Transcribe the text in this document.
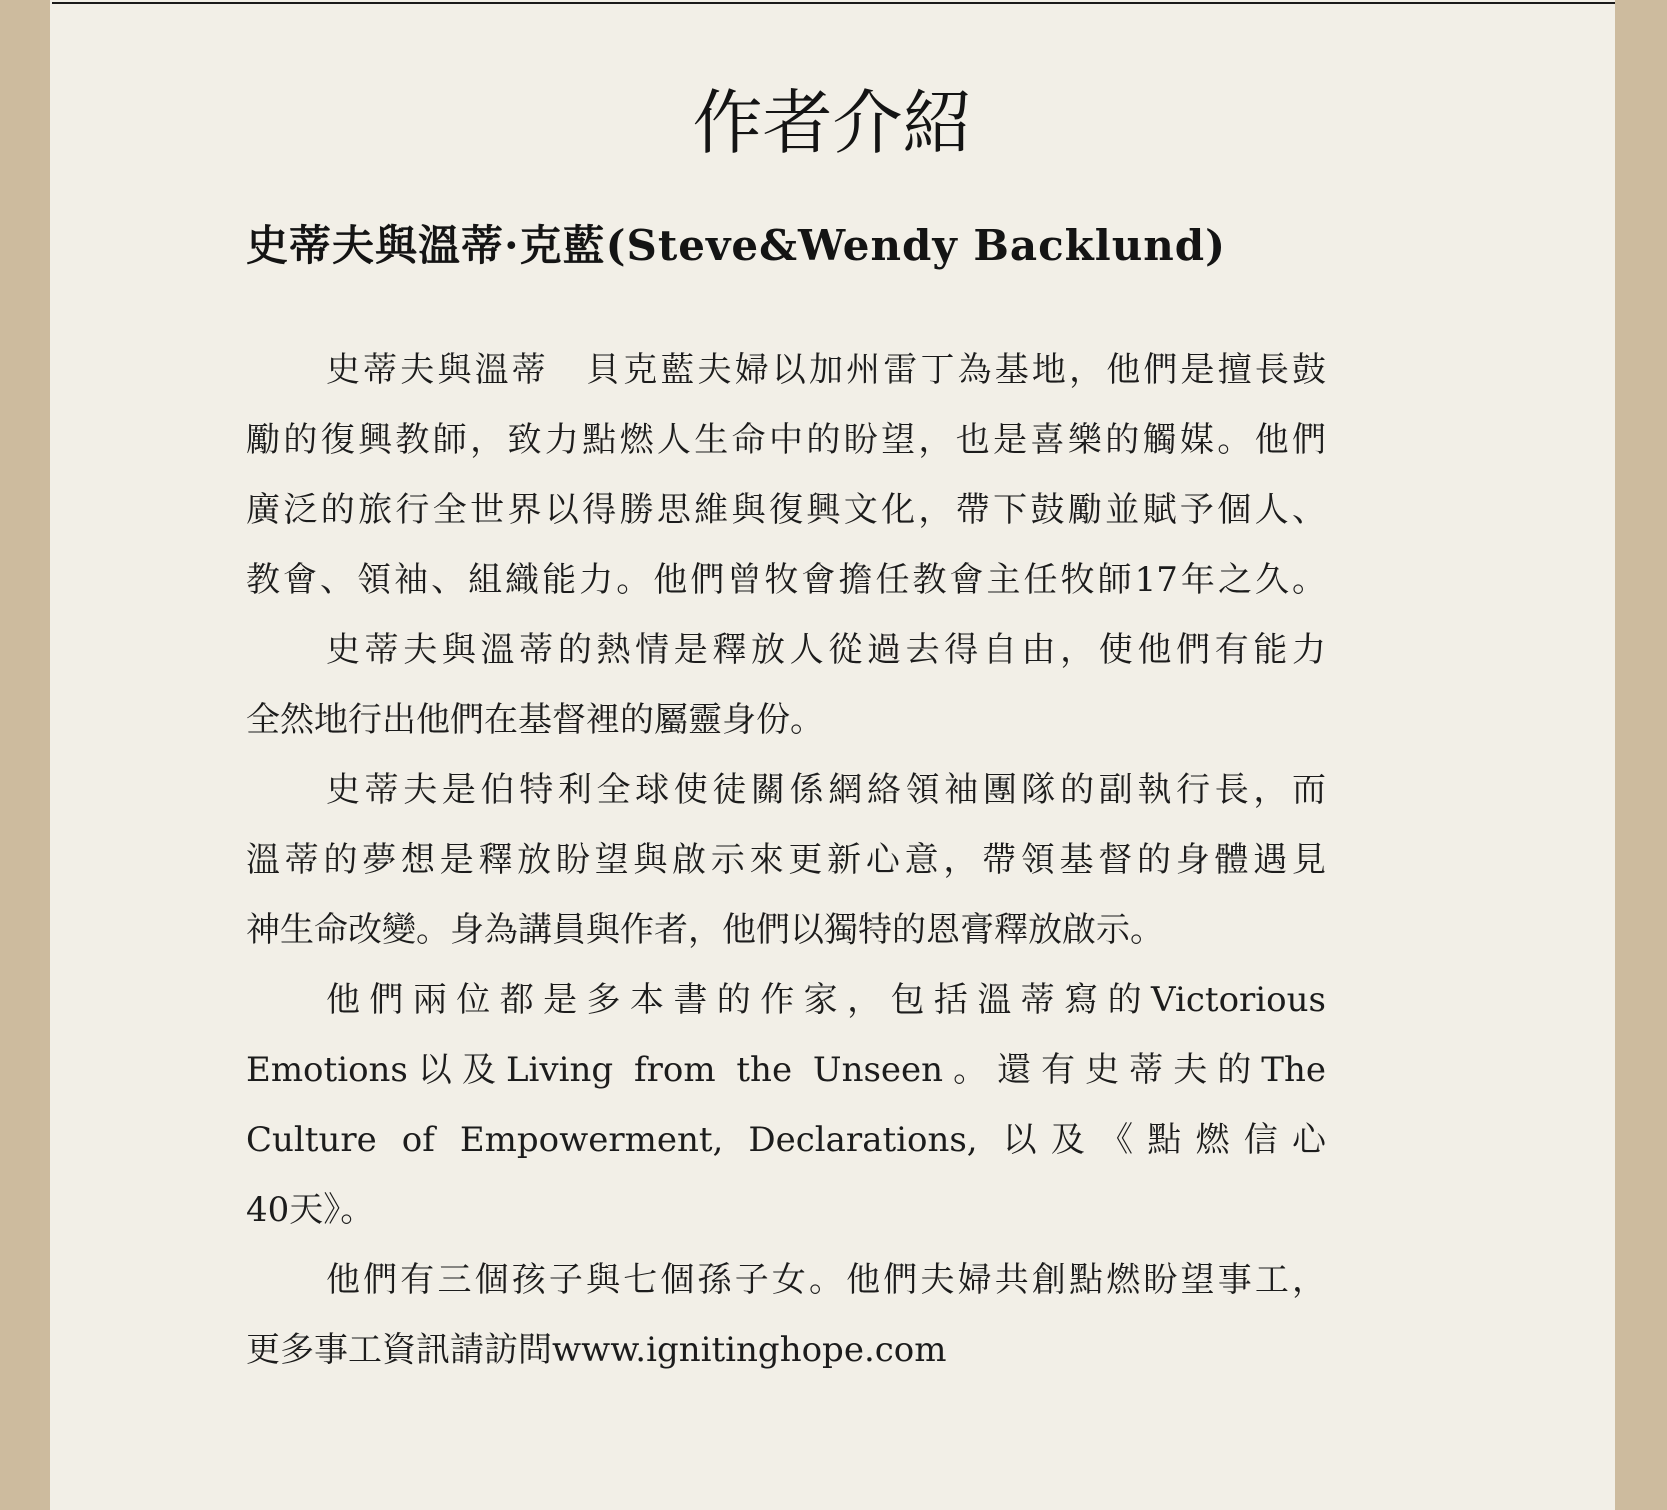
作者介紹
史蒂夫與溫蒂·克藍(Steve&Wendy Backlund)
史蒂夫與溫蒂　貝克藍夫婦以加州雷丁為基地，他們是擅長鼓
勵的復興教師，致力點燃人生命中的盼望，也是喜樂的觸媒。他們
廣泛的旅行全世界以得勝思維與復興文化，帶下鼓勵並賦予個人、
教會、領袖、組織能力。他們曾牧會擔任教會主任牧師17年之久。
史蒂夫與溫蒂的熱情是釋放人從過去得自由，使他們有能力
全然地行出他們在基督裡的屬靈身份。
史蒂夫是伯特利全球使徒關係網絡領袖團隊的副執行長，而
溫蒂的夢想是釋放盼望與啟示來更新心意，帶領基督的身體遇見
神生命改變。身為講員與作者，他們以獨特的恩膏釋放啟示。
他們兩位都是多本書的作家，包括溫蒂寫的Victorious
Emotions以及Living from the Unseen。還有史蒂夫的The
Culture of Empowerment, Declarations, 以及《點燃信心
40天》。
他們有三個孩子與七個孫子女。他們夫婦共創點燃盼望事工，
更多事工資訊請訪問www.ignitinghope.com
